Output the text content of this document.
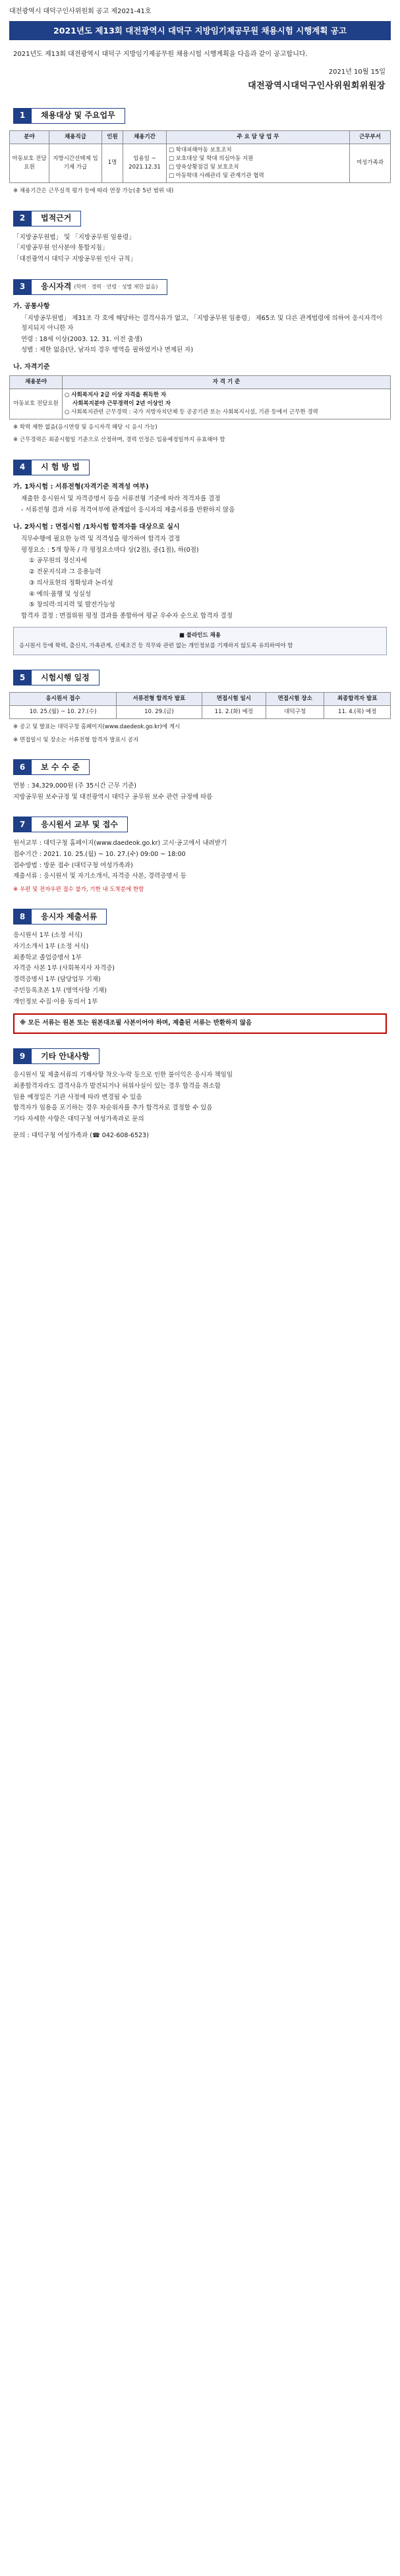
대전광역시 대덕구인사위원회 공고 제2021-41호
2021년도 제13회 대전광역시 대덕구 지방임기제공무원 채용시험 시행계획 공고
2021년도 제13회 대전광역시 대덕구 지방임기제공무원 채용시험 시행계획을 다음과 같이 공고합니다.
2021년 10월 15일
대전광역시대덕구인사위원회위원장
1	채용대상 및 주요업무
분야	채용직급	인원	채용기간	주 요 담 당 업 무	근무부서
아동보호 전담요원	지방시간선택제 임기제 가급	1명	임용일 ~ 2021.12.31	□ 학대피해아동 보호조치
□ 보호대상 및 학대 의심아동 지원
□ 양육상황점검 및 보호조치
□ 아동학대 사례관리 및 관계기관 협력	여성가족과
※ 채용기간은 근무실적 평가 등에 따라 연장 가능(총 5년 범위 내)
2	법적근거

「지방공무원법」 및 「지방공무원 임용령」

「지방공무원 인사분야 통합지침」

「대전광역시 대덕구 지방공무원 인사 규칙」

3	응시자격 (학력 · 경력 · 연령 · 성별 제한 없음)
가. 공통사항

「지방공무원법」 제31조 각 호에 해당하는 결격사유가 없고, 「지방공무원 임용령」 제65조 및 다른 관계법령에 의하여 응시자격이 정지되지 아니한 자

연령 : 18세 이상(2003. 12. 31. 이전 출생)

성별 : 제한 없음(단, 남자의 경우 병역을 필하였거나 면제된 자)

나. 자격기준
채용분야	자 격 기 준
아동보호 전담요원	○ 사회복지사 2급 이상 자격을 취득한 자
사회복지분야 근무경력이 2년 이상인 자
○ 사회복지관련 근무경력 : 국가 지방자치단체 등 공공기관 또는 사회복지시설, 기관 등에서 근무한 경력
※ 학력 제한 없음(응시연령 및 응시자격 해당 시 응시 가능)
※ 근무경력은 최종시험일 기준으로 산정하며, 경력 인정은 임용예정일까지 유효해야 함
4	시 험 방 법
가. 1차시험 : 서류전형(자격기준 적격성 여부)

제출한 응시원서 및 자격증명서 등을 서류전형 기준에 따라 적격자를 결정

- 서류전형 결과 서류 적격여부에 관계없이 응시자의 제출서류를 반환하지 않음

나. 2차시험 : 면접시험 /1차시험 합격자를 대상으로 실시

직무수행에 필요한 능력 및 적격성을 평가하여 합격자 결정

평정요소 : 5개 항목 / 각 평정요소마다 상(2점), 중(1점), 하(0점)

① 공무원의 정신자세

② 전문지식과 그 응용능력

③ 의사표현의 정확성과 논리성

④ 예의·품행 및 성실성

⑤ 창의력·의지력 및 발전가능성

합격자 결정 : 면접위원 평정 결과를 종합하여 평균 우수자 순으로 합격자 결정

■ 블라인드 채용
응시원서 등에 학력, 출신지, 가족관계, 신체조건 등 직무와 관련 없는 개인정보를 기재하지 않도록 유의하여야 함
5	시험시행 일정
응시원서 접수	서류전형 합격자 발표	면접시험 일시	면접시험 장소	최종합격자 발표
10. 25.(월) ~ 10. 27.(수)	10. 29.(금)	11. 2.(화) 예정	대덕구청	11. 4.(목) 예정
※ 공고 및 발표는 대덕구청 홈페이지(www.daedeok.go.kr)에 게시
※ 면접일시 및 장소는 서류전형 합격자 발표시 공지
6	보 수 수 준

연봉 : 34,329,000원 (주 35시간 근무 기준)

지방공무원 보수규정 및 대전광역시 대덕구 공무원 보수 관련 규정에 따름

7	응시원서 교부 및 접수

원서교부 : 대덕구청 홈페이지(www.daedeok.go.kr) 고시·공고에서 내려받기

접수기간 : 2021. 10. 25.(월) ~ 10. 27.(수) 09:00 ~ 18:00

접수방법 : 방문 접수 (대덕구청 여성가족과)

제출서류 : 응시원서 및 자기소개서, 자격증 사본, 경력증명서 등

※ 우편 및 전자우편 접수 불가, 기한 내 도착분에 한함
8	응시자 제출서류

응시원서 1부 (소정 서식)

자기소개서 1부 (소정 서식)

최종학교 졸업증명서 1부

자격증 사본 1부 (사회복지사 자격증)

경력증명서 1부 (담당업무 기재)

주민등록초본 1부 (병역사항 기재)

개인정보 수집·이용 동의서 1부

※ 모든 서류는 원본 또는 원본대조필 사본이어야 하며, 제출된 서류는 반환하지 않음
9	기타 안내사항

응시원서 및 제출서류의 기재사항 착오·누락 등으로 인한 불이익은 응시자 책임임

최종합격자라도 결격사유가 발견되거나 허위사실이 있는 경우 합격을 취소함

임용 예정일은 기관 사정에 따라 변경될 수 있음

합격자가 임용을 포기하는 경우 차순위자를 추가 합격자로 결정할 수 있음

기타 자세한 사항은 대덕구청 여성가족과로 문의

문의 : 대덕구청 여성가족과 (☎ 042-608-6523)
